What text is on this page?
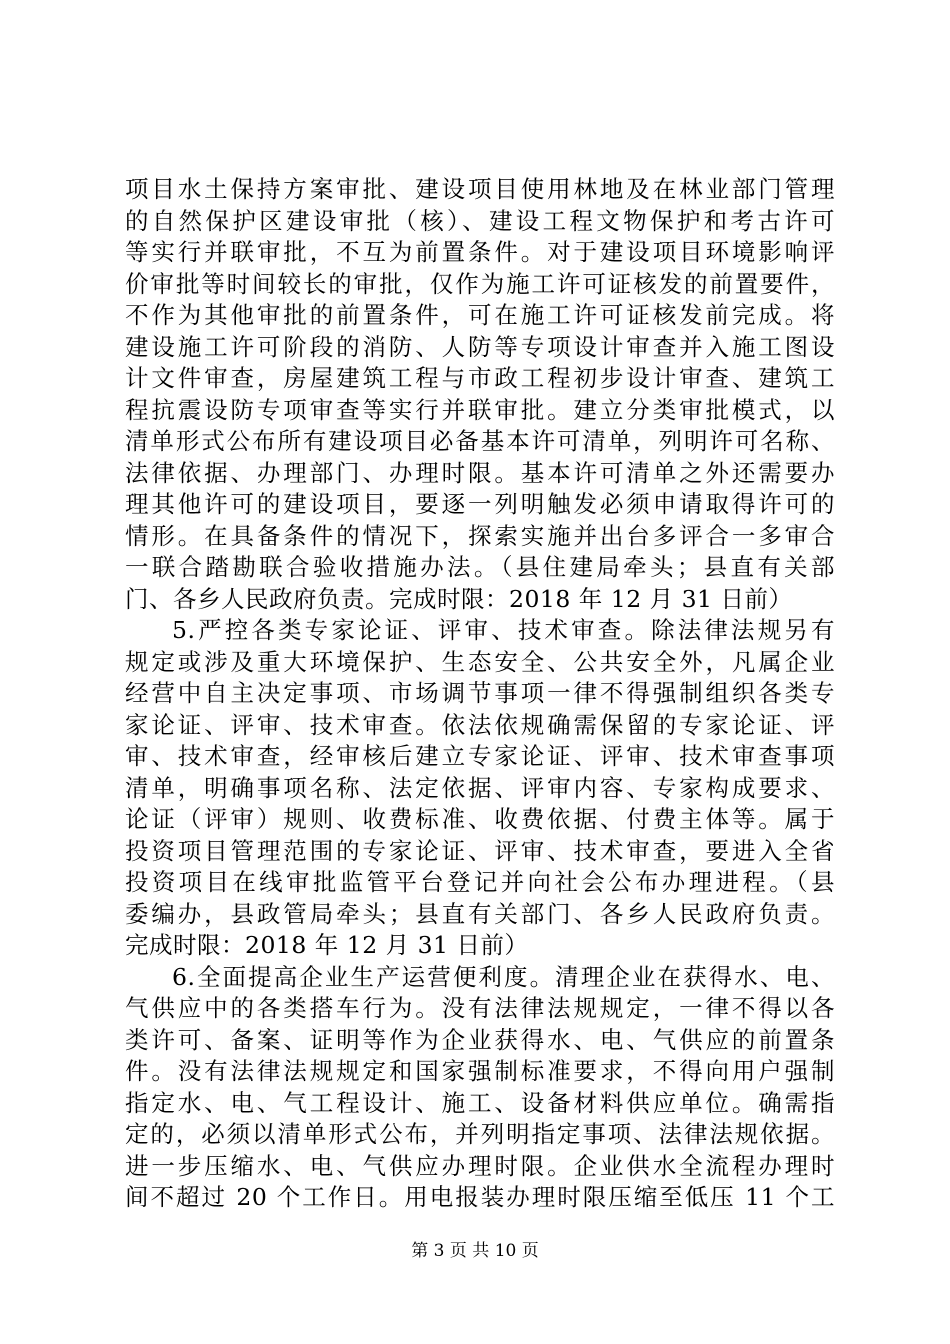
项目水土保持方案审批、建设项目使用林地及在林业部门管理
的自然保护区建设审批（核）、建设工程文物保护和考古许可
等实行并联审批，不互为前置条件。对于建设项目环境影响评
价审批等时间较长的审批，仅作为施工许可证核发的前置要件，
不作为其他审批的前置条件，可在施工许可证核发前完成。将
建设施工许可阶段的消防、人防等专项设计审查并入施工图设
计文件审查，房屋建筑工程与市政工程初步设计审查、建筑工
程抗震设防专项审查等实行并联审批。建立分类审批模式，以
清单形式公布所有建设项目必备基本许可清单，列明许可名称、
法律依据、办理部门、办理时限。基本许可清单之外还需要办
理其他许可的建设项目，要逐一列明触发必须申请取得许可的
情形。在具备条件的情况下，探索实施并出台多评合一多审合
一联合踏勘联合验收措施办法。（县住建局牵头；县直有关部
门、各乡人民政府负责。完成时限：2018 年 12 月 31 日前）
5.严控各类专家论证、评审、技术审查。除法律法规另有
规定或涉及重大环境保护、生态安全、公共安全外，凡属企业
经营中自主决定事项、市场调节事项一律不得强制组织各类专
家论证、评审、技术审查。依法依规确需保留的专家论证、评
审、技术审查，经审核后建立专家论证、评审、技术审查事项
清单，明确事项名称、法定依据、评审内容、专家构成要求、
论证（评审）规则、收费标准、收费依据、付费主体等。属于
投资项目管理范围的专家论证、评审、技术审查，要进入全省
投资项目在线审批监管平台登记并向社会公布办理进程。（县
委编办，县政管局牵头；县直有关部门、各乡人民政府负责。
完成时限：2018 年 12 月 31 日前）
6.全面提高企业生产运营便利度。清理企业在获得水、电、
气供应中的各类搭车行为。没有法律法规规定，一律不得以各
类许可、备案、证明等作为企业获得水、电、气供应的前置条
件。没有法律法规规定和国家强制标准要求，不得向用户强制
指定水、电、气工程设计、施工、设备材料供应单位。确需指
定的，必须以清单形式公布，并列明指定事项、法律法规依据。
进一步压缩水、电、气供应办理时限。企业供水全流程办理时
间不超过 20 个工作日。用电报装办理时限压缩至低压 11 个工
第 3 页 共 10 页
